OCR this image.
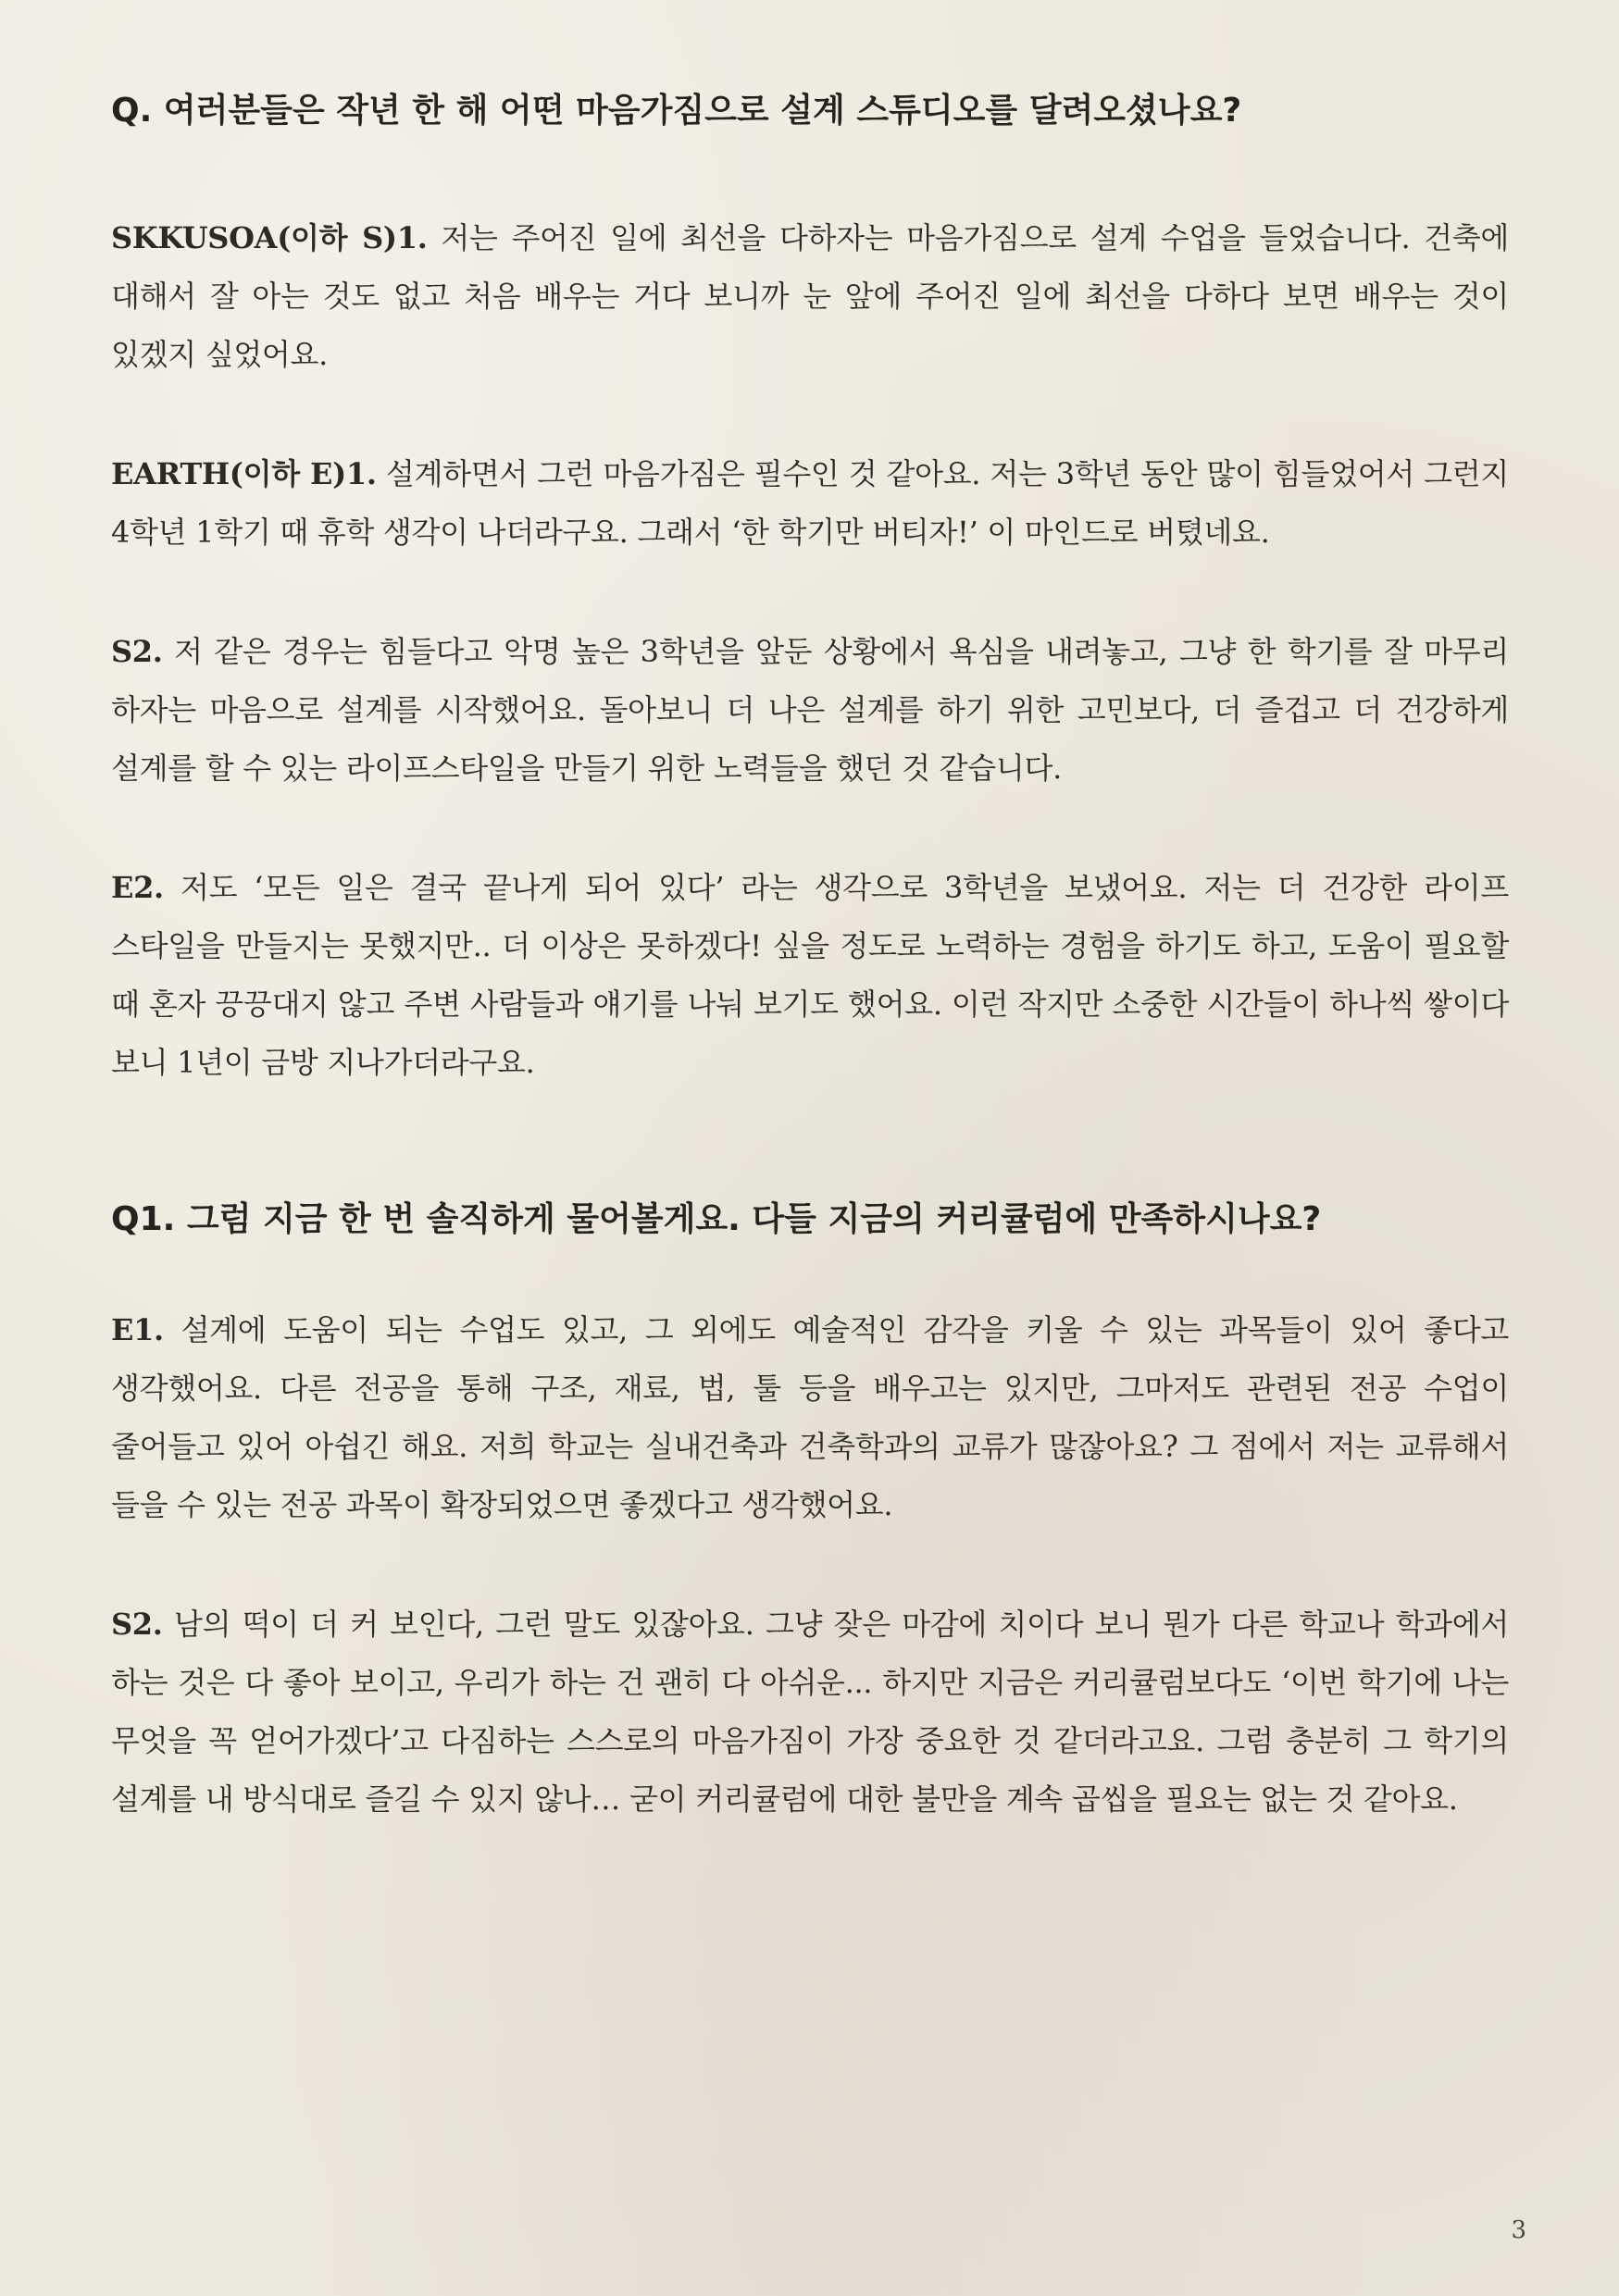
Q. 여러분들은 작년 한 해 어떤 마음가짐으로 설계 스튜디오를 달려오셨나요?

SKKUSOA(이하 S)1. 저는 주어진 일에 최선을 다하자는 마음가짐으로 설계 수업을 들었습니다. 건축에 대해서 잘 아는 것도 없고 처음 배우는 거다 보니까 눈 앞에 주어진 일에 최선을 다하다 보면 배우는 것이 있겠지 싶었어요.

EARTH(이하 E)1. 설계하면서 그런 마음가짐은 필수인 것 같아요. 저는 3학년 동안 많이 힘들었어서 그런지 4학년 1학기 때 휴학 생각이 나더라구요. 그래서 ‘한 학기만 버티자!’ 이 마인드로 버텼네요.

S2. 저 같은 경우는 힘들다고 악명 높은 3학년을 앞둔 상황에서 욕심을 내려놓고, 그냥 한 학기를 잘 마무리 하자는 마음으로 설계를 시작했어요. 돌아보니 더 나은 설계를 하기 위한 고민보다, 더 즐겁고 더 건강하게 설계를 할 수 있는 라이프스타일을 만들기 위한 노력들을 했던 것 같습니다.

E2. 저도 ‘모든 일은 결국 끝나게 되어 있다’ 라는 생각으로 3학년을 보냈어요. 저는 더 건강한 라이프 스타일을 만들지는 못했지만.. 더 이상은 못하겠다! 싶을 정도로 노력하는 경험을 하기도 하고, 도움이 필요할 때 혼자 끙끙대지 않고 주변 사람들과 얘기를 나눠 보기도 했어요. 이런 작지만 소중한 시간들이 하나씩 쌓이다 보니 1년이 금방 지나가더라구요.

Q1. 그럼 지금 한 번 솔직하게 물어볼게요. 다들 지금의 커리큘럼에 만족하시나요?

E1. 설계에 도움이 되는 수업도 있고, 그 외에도 예술적인 감각을 키울 수 있는 과목들이 있어 좋다고 생각했어요. 다른 전공을 통해 구조, 재료, 법, 툴 등을 배우고는 있지만, 그마저도 관련된 전공 수업이 줄어들고 있어 아쉽긴 해요. 저희 학교는 실내건축과 건축학과의 교류가 많잖아요? 그 점에서 저는 교류해서 들을 수 있는 전공 과목이 확장되었으면 좋겠다고 생각했어요.

S2. 남의 떡이 더 커 보인다, 그런 말도 있잖아요. 그냥 잦은 마감에 치이다 보니 뭔가 다른 학교나 학과에서 하는 것은 다 좋아 보이고, 우리가 하는 건 괜히 다 아쉬운... 하지만 지금은 커리큘럼보다도 ‘이번 학기에 나는 무엇을 꼭 얻어가겠다’고 다짐하는 스스로의 마음가짐이 가장 중요한 것 같더라고요. 그럼 충분히 그 학기의 설계를 내 방식대로 즐길 수 있지 않나… 굳이 커리큘럼에 대한 불만을 계속 곱씹을 필요는 없는 것 같아요.

3
